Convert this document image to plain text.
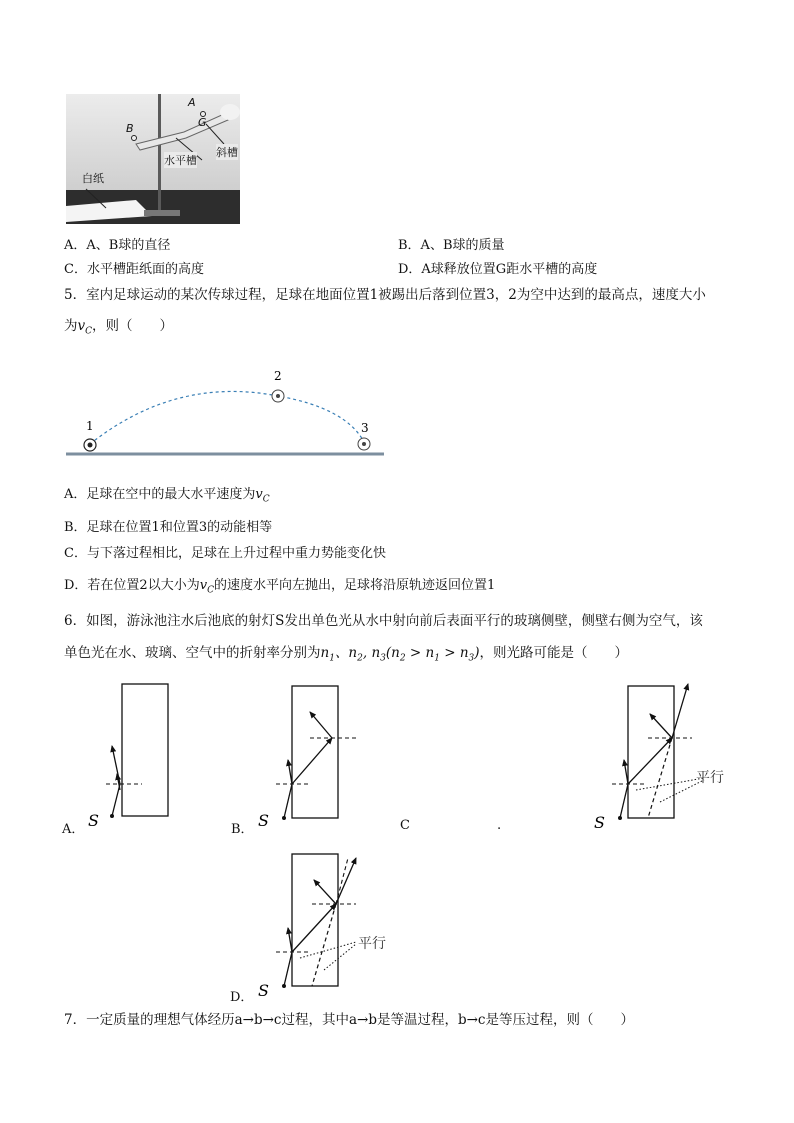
A
B	G
白纸
水平槽
斜槽
A．A、B球的直径	B．A、B球的质量
C．水平槽距纸面的高度	D．A球释放位置G距水平槽的高度
5．室内足球运动的某次传球过程，足球在地面位置1被踢出后落到位置3，2为空中达到的最高点，速度大小
为$v_C$，则（　　）
1
2
3
A．足球在空中的最大水平速度为$v_C$
B．足球在位置1和位置3的动能相等
C．与下落过程相比，足球在上升过程中重力势能变化快
D．若在位置2以大小为$v_C$的速度水平向左抛出，足球将沿原轨迹返回位置1
6．如图，游泳池注水后池底的射灯S发出单色光从水中射向前后表面平行的玻璃侧壁，侧壁右侧为空气，该
单色光在水、玻璃、空气中的折射率分别为$n_1$、$n_2$, $n_3(n_2 > n_1 > n_3)$，则光路可能是（　　）
A． S	B． S	C	.	S
平行
D． S
平行
7．一定质量的理想气体经历a→b→c过程，其中a→b是等温过程，b→c是等压过程，则（　　）
